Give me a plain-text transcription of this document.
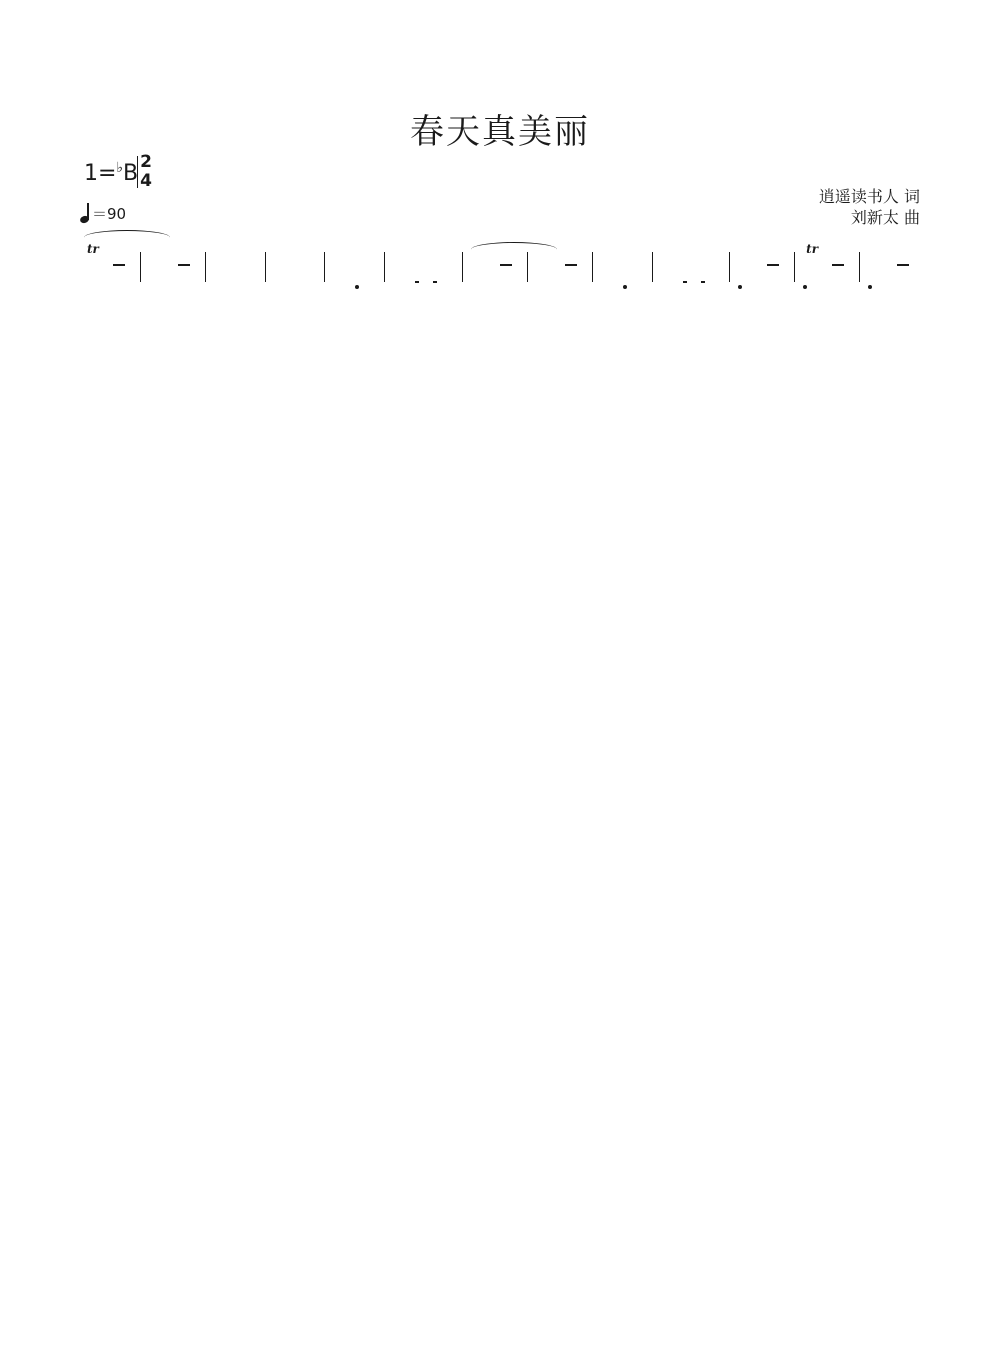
春天真美丽
1=♭B 2
4
＝90
逍遥读书人 词
刘新太 曲
tr	tr
